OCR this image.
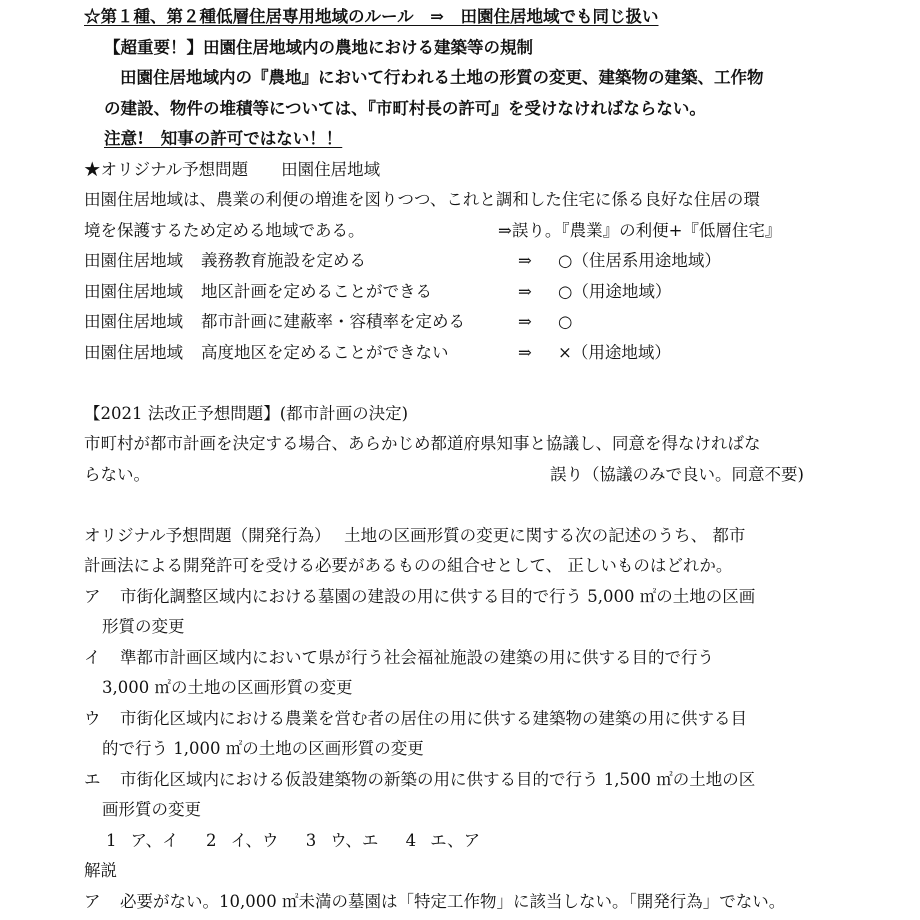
☆第１種、第２種低層住居専用地域のルール　⇒　田園住居地域でも同じ扱い
【超重要！】田園住居地域内の農地における建築等の規制
田園住居地域内の『農地』において行われる土地の形質の変更、建築物の建築、工作物
の建設、物件の堆積等については、『市町村長の許可』を受けなければならない。
注意!　知事の許可ではない！！
★オリジナル予想問題　　田園住居地域
田園住居地域は、農業の利便の増進を図りつつ、これと調和した住宅に係る良好な住居の環
境を保護するため定める地域である。	⇒誤り。『農業』の利便+『低層住宅』
田園住居地域 義務教育施設を定める	⇒ ○（住居系用途地域）
田園住居地域 地区計画を定めることができる	⇒ ○（用途地域）
田園住居地域 都市計画に建蔽率・容積率を定める	⇒ ○
田園住居地域 高度地区を定めることができない	⇒ ×（用途地域）
【2021 法改正予想問題】(都市計画の決定)
市町村が都市計画を決定する場合、あらかじめ都道府県知事と協議し、同意を得なければな
らない。	誤り（協議のみで良い。同意不要)
オリジナル予想問題（開発行為）　 土地の区画形質の変更に関する次の記述のうち、 都市
計画法による開発許可を受ける必要があるものの組合せとして、 正しいものはどれか。
ア 市街化調整区域内における墓園の建設の用に供する目的で行う 5,000 ㎡の土地の区画
形質の変更
イ 準都市計画区域内において県が行う社会福祉施設の建築の用に供する目的で行う
3,000 ㎡の土地の区画形質の変更
ウ 市街化区域内における農業を営む者の居住の用に供する建築物の建築の用に供する目
的で行う 1,000 ㎡の土地の区画形質の変更
エ 市街化区域内における仮設建築物の新築の用に供する目的で行う 1,500 ㎡の土地の区
画形質の変更
1 ア、イ 2 イ、ウ 3 ウ、エ 4 エ、ア
解説
ア 必要がない。10,000 ㎡未満の墓園は「特定工作物」に該当しない。「開発行為」でない。
